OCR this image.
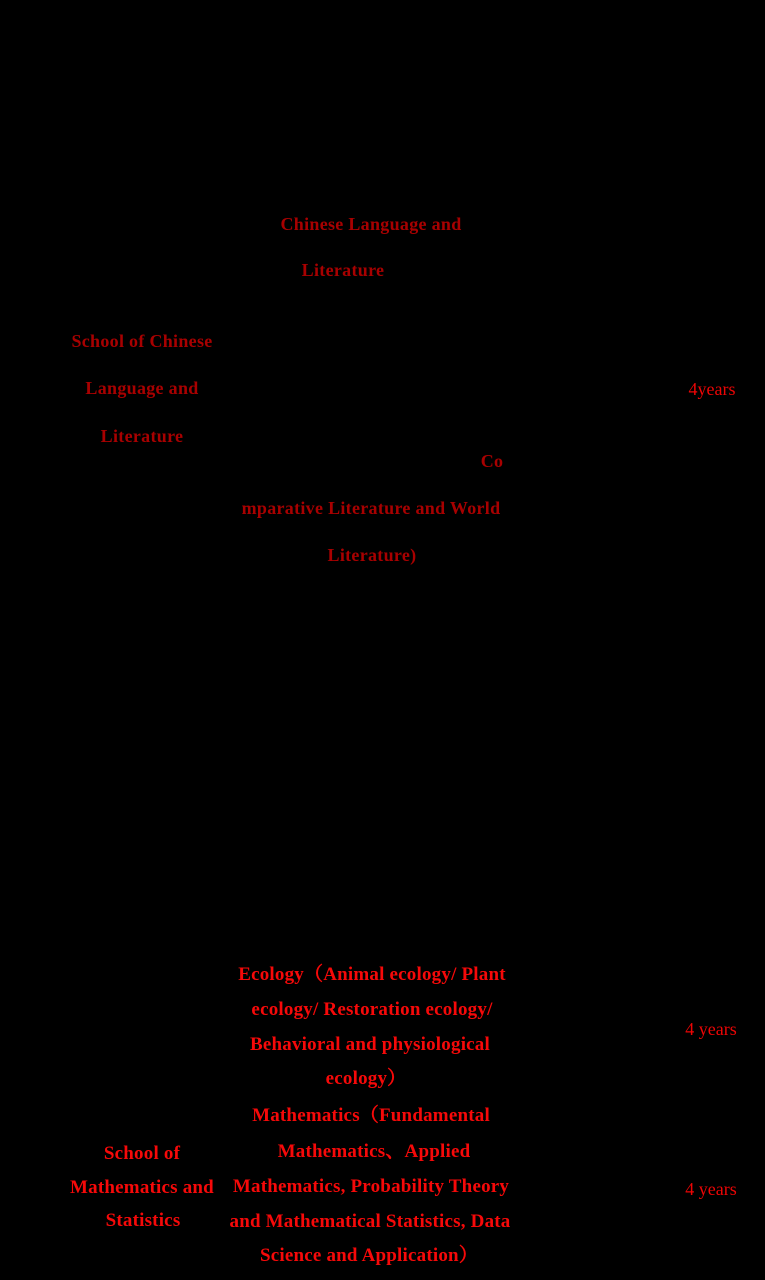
Chinese Language and
Literature
School of Chinese
Language and
Literature
4years
Co
mparative Literature and World
Literature)
Ecology（Animal ecology/ Plant
ecology/ Restoration ecology/
Behavioral and physiological
ecology）
4 years
Mathematics（Fundamental
Mathematics、Applied
Mathematics, Probability Theory
and Mathematical Statistics, Data
Science and Application）
School of
Mathematics and
Statistics
4 years
